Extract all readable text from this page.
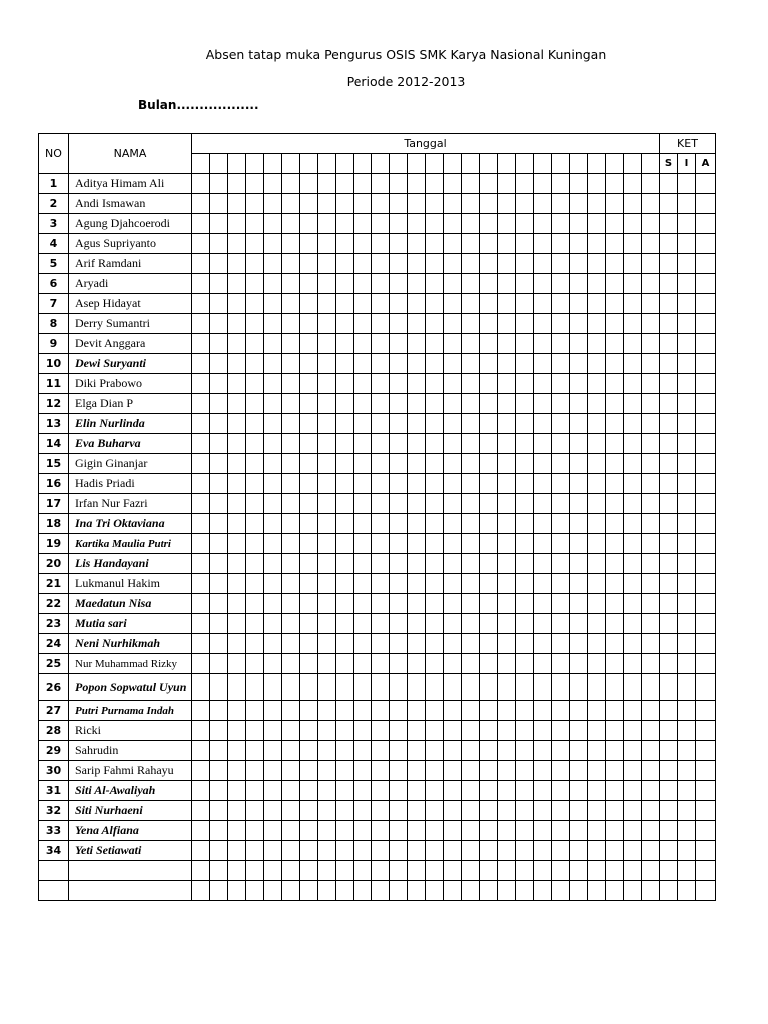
Absen tatap muka Pengurus OSIS SMK Karya Nasional Kuningan
Periode 2012-2013
Bulan..................
NO	NAMA	Tanggal																										KET		
																												S	I	A
1	Aditya Himam Ali																													
2	Andi Ismawan																													
3	Agung Djahcoerodi																													
4	Agus Supriyanto																													
5	Arif Ramdani																													
6	Aryadi																													
7	Asep Hidayat																													
8	Derry Sumantri																													
9	Devit Anggara																													
10	Dewi Suryanti																													
11	Diki Prabowo																													
12	Elga Dian P																													
13	Elin Nurlinda																													
14	Eva Buharva																													
15	Gigin Ginanjar																													
16	Hadis Priadi																													
17	Irfan Nur Fazri																													
18	Ina Tri Oktaviana																													
19	Kartika Maulia Putri																													
20	Lis Handayani																													
21	Lukmanul Hakim																													
22	Maedatun Nisa																													
23	Mutia sari																													
24	Neni Nurhikmah																													
25	Nur Muhammad Rizky																													
26	Popon Sopwatul Uyun																													
27	Putri Purnama Indah																													
28	Ricki																													
29	Sahrudin																													
30	Sarip Fahmi Rahayu																													
31	Siti Al-Awaliyah																													
32	Siti Nurhaeni																													
33	Yena Alfiana																													
34	Yeti Setiawati																													
